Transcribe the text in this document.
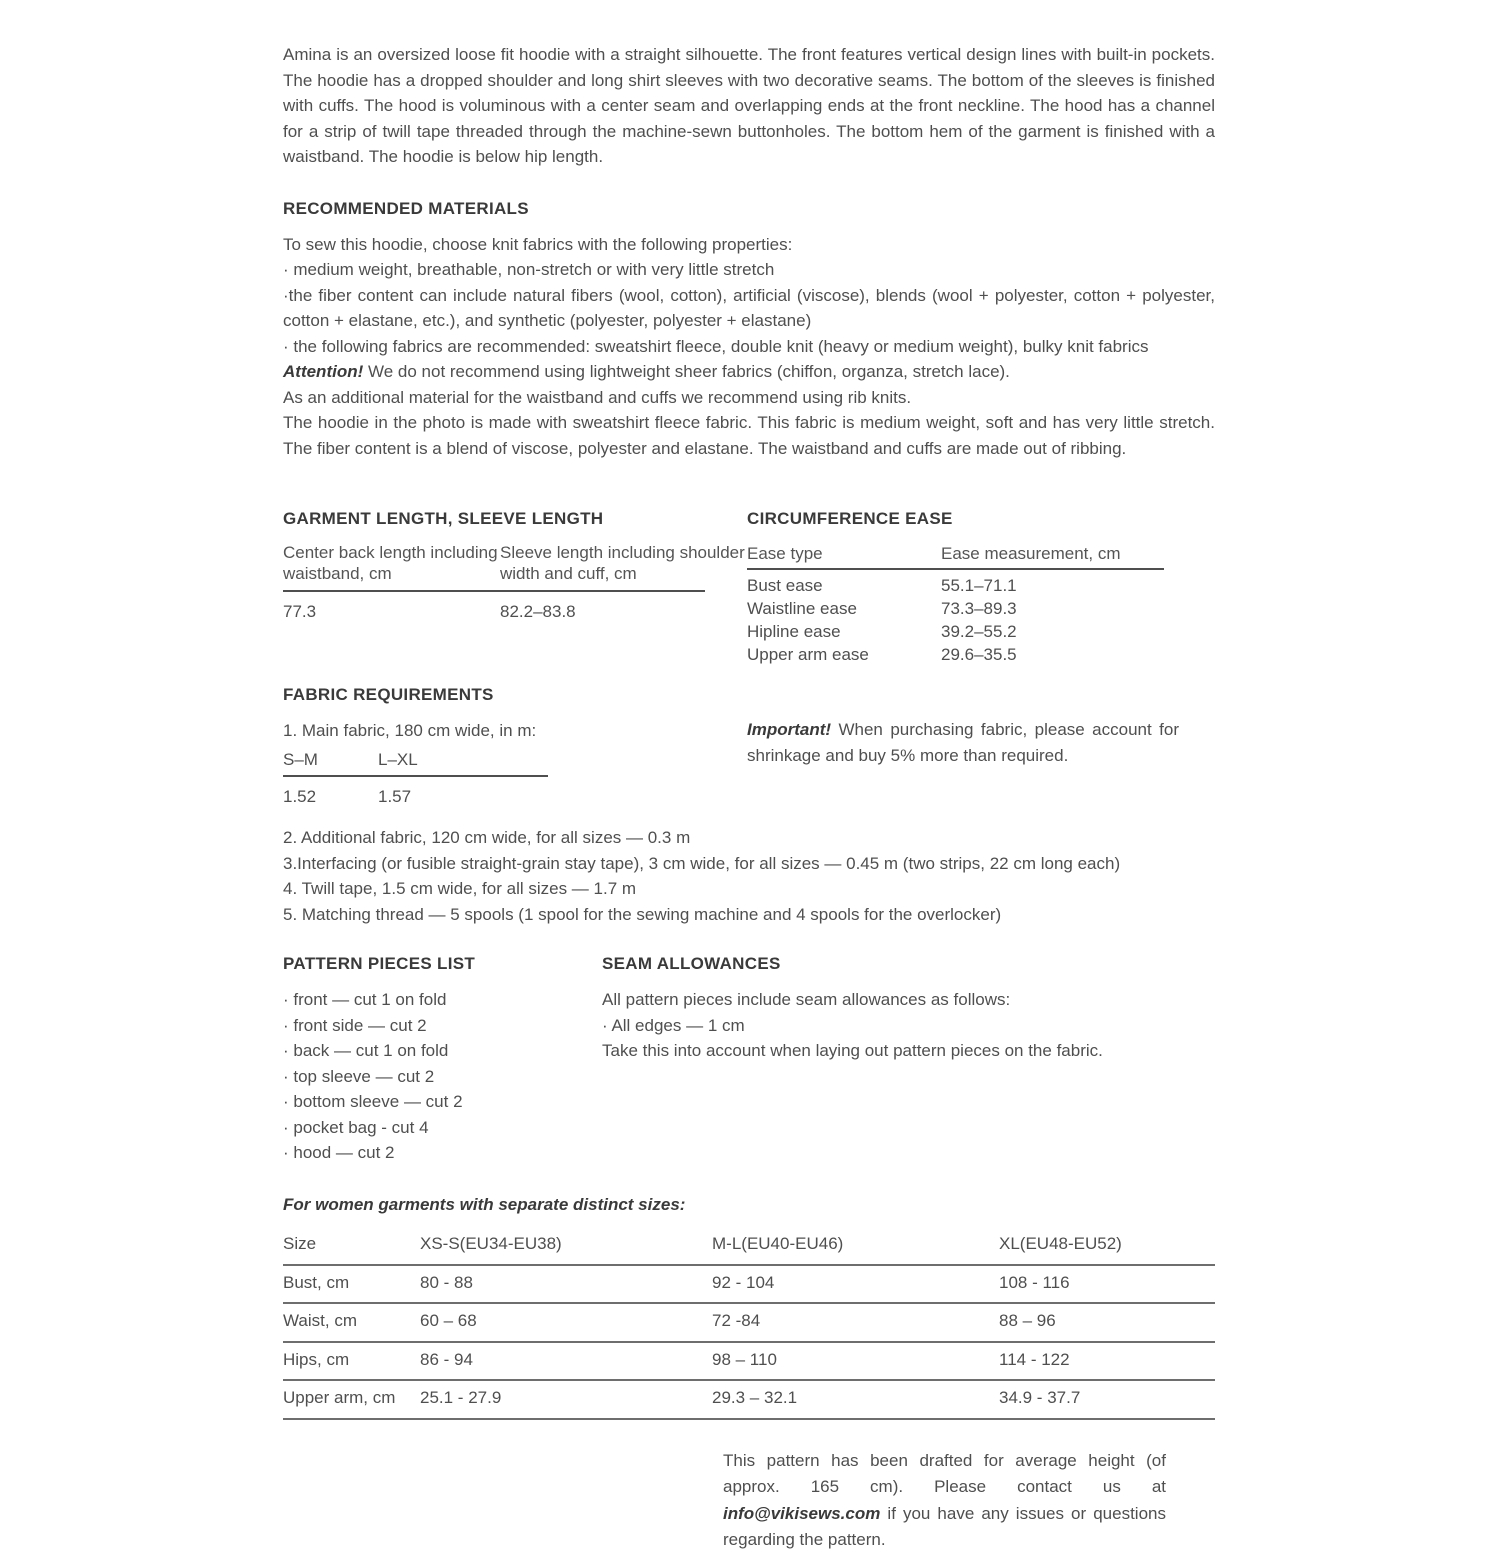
Amina is an oversized loose fit hoodie with a straight silhouette. The front features vertical design lines with built-in pockets. The hoodie has a dropped shoulder and long shirt sleeves with two decorative seams. The bottom of the sleeves is finished with cuffs. The hood is voluminous with a center seam and overlapping ends at the front neckline. The hood has a channel for a strip of twill tape threaded through the machine-sewn buttonholes. The bottom hem of the garment is finished with a waistband. The hoodie is below hip length.

RECOMMENDED MATERIALS

To sew this hoodie, choose knit fabrics with the following properties:

· medium weight, breathable, non-stretch or with very little stretch

·the fiber content can include natural fibers (wool, cotton), artificial (viscose), blends (wool + polyester, cotton + polyester, cotton + elastane, etc.), and synthetic (polyester, polyester + elastane)

· the following fabrics are recommended: sweatshirt fleece, double knit (heavy or medium weight), bulky knit fabrics

Attention! We do not recommend using lightweight sheer fabrics (chiffon, organza, stretch lace).

As an additional material for the waistband and cuffs we recommend using rib knits.

The hoodie in the photo is made with sweatshirt fleece fabric. This fabric is medium weight, soft and has very little stretch. The fiber content is a blend of viscose, polyester and elastane. The waistband and cuffs are made out of ribbing.

GARMENT LENGTH, SLEEVE LENGTH
Center back length including waistband, cm
Sleeve length including shoulder width and cuff, cm
77.3	82.2–83.8
CIRCUMFERENCE EASE
Ease type	Ease measurement, cm
Bust ease	55.1–71.1
Waistline ease	73.3–89.3
Hipline ease	39.2–55.2
Upper arm ease	29.6–35.5
FABRIC REQUIREMENTS

1. Main fabric, 180 cm wide, in m:

S–M	L–XL
1.52	1.57

Important! When purchasing fabric, please account for shrinkage and buy 5% more than required.

2. Additional fabric, 120 cm wide, for all sizes — 0.3 m

3.Interfacing (or fusible straight-grain stay tape), 3 cm wide, for all sizes — 0.45 m (two strips, 22 cm long each)

4. Twill tape, 1.5 cm wide, for all sizes — 1.7 m

5. Matching thread — 5 spools (1 spool for the sewing machine and 4 spools for the overlocker)

PATTERN PIECES LIST

· front — cut 1 on fold

· front side — cut 2

· back — cut 1 on fold

· top sleeve — cut 2

· bottom sleeve — cut 2

· pocket bag - cut 4

· hood — cut 2

SEAM ALLOWANCES

All pattern pieces include seam allowances as follows:

· All edges — 1 cm

Take this into account when laying out pattern pieces on the fabric.

For women garments with separate distinct sizes:

Size	XS-S(EU34-EU38)	M-L(EU40-EU46)	XL(EU48-EU52)
Bust, cm	80 - 88	92 - 104	108 - 116
Waist, cm	60 – 68	72 -84	88 – 96
Hips, cm	86 - 94	98 – 110	114 - 122
Upper arm, cm	25.1 - 27.9	29.3 – 32.1	34.9 - 37.7

This pattern has been drafted for average height (of approx. 165 cm). Please contact us at info@vikisews.com if you have any issues or questions regarding the pattern.
